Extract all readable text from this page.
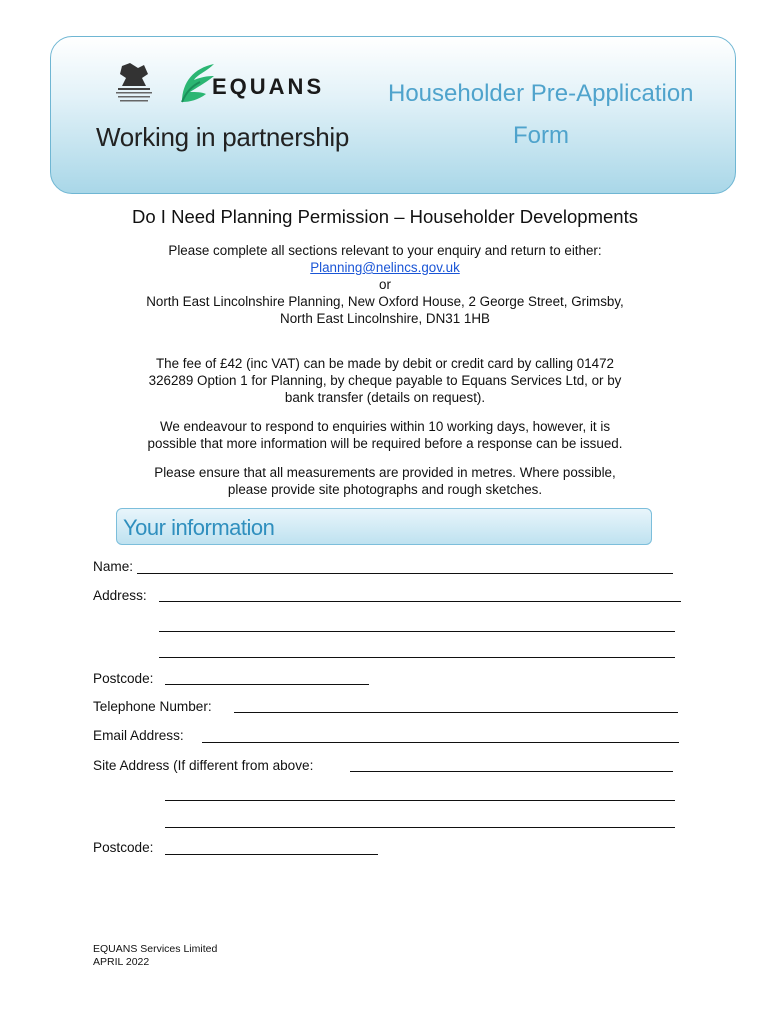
EQUANS
Working in partnership
Householder Pre-Application
Form
Do I Need Planning Permission – Householder Developments
Please complete all sections relevant to your enquiry and return to either:
Planning@nelincs.gov.uk
or
North East Lincolnshire Planning, New Oxford House, 2 George Street, Grimsby,
North East Lincolnshire, DN31 1HB
The fee of £42 (inc VAT) can be made by debit or credit card by calling 01472
326289 Option 1 for Planning, by cheque payable to Equans Services Ltd, or by
bank transfer (details on request).
We endeavour to respond to enquiries within 10 working days, however, it is
possible that more information will be required before a response can be issued.
Please ensure that all measurements are provided in metres. Where possible,
please provide site photographs and rough sketches.
Your information
Name:
Address:
Postcode:
Telephone Number:
Email Address:
Site Address (If different from above:
Postcode:
EQUANS Services Limited
APRIL 2022
